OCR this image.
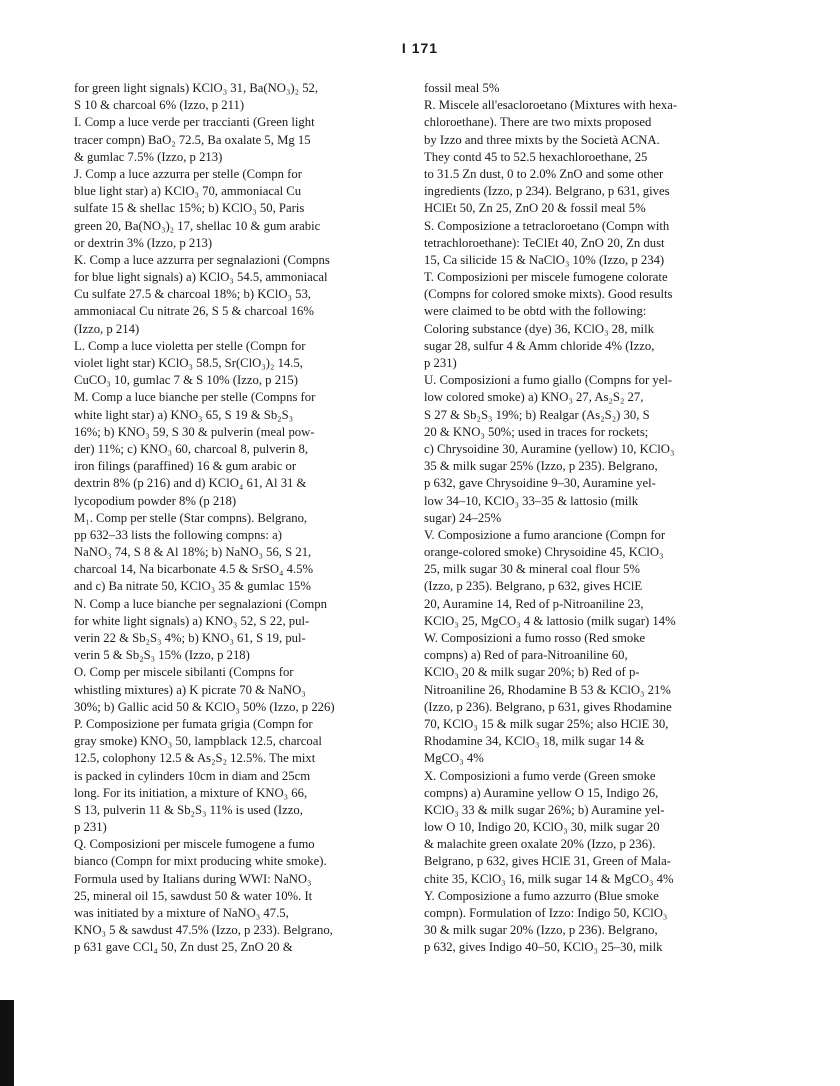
I 171
for green light signals) KClO₃ 31, Ba(NO₃)₂ 52,
S 10 & charcoal 6% (Izzo, p 211)
I. Comp a luce verde per traccianti (Green light
tracer compn) BaO₂ 72.5, Ba oxalate 5, Mg 15
& gumlac 7.5% (Izzo, p 213)
J. Comp a luce azzurra per stelle (Compn for
blue light star) a) KClO₃ 70, ammoniacal Cu
sulfate 15 & shellac 15%; b) KClO₃ 50, Paris
green 20, Ba(NO₃)₂ 17, shellac 10 & gum arabic
or dextrin 3% (Izzo, p 213)
K. Comp a luce azzurra per segnalazioni (Compns
for blue light signals) a) KClO₃ 54.5, ammoniacal
Cu sulfate 27.5 & charcoal 18%; b) KClO₃ 53,
ammoniacal Cu nitrate 26, S 5 & charcoal 16%
(Izzo, p 214)
L. Comp a luce violetta per stelle (Compn for
violet light star) KClO₃ 58.5, Sr(ClO₃)₂ 14.5,
CuCO₃ 10, gumlac 7 & S 10% (Izzo, p 215)
M. Comp a luce bianche per stelle (Compns for
white light star) a) KNO₃ 65, S 19 & Sb₂S₃
16%; b) KNO₃ 59, S 30 & pulverin (meal pow-
der) 11%; c) KNO₃ 60, charcoal 8, pulverin 8,
iron filings (paraffined) 16 & gum arabic or
dextrin 8% (p 216) and d) KClO₄ 61, Al 31 &
lycopodium powder 8% (p 218)
M₁. Comp per stelle (Star compns). Belgrano,
pp 632–33 lists the following compns: a)
NaNO₃ 74, S 8 & Al 18%; b) NaNO₃ 56, S 21,
charcoal 14, Na bicarbonate 4.5 & SrSO₄ 4.5%
and c) Ba nitrate 50, KClO₃ 35 & gumlac 15%
N. Comp a luce bianche per segnalazioni (Compn
for white light signals) a) KNO₃ 52, S 22, pul-
verin 22 & Sb₂S₃ 4%; b) KNO₃ 61, S 19, pul-
verin 5 & Sb₂S₃ 15% (Izzo, p 218)
O. Comp per miscele sibilanti (Compns for
whistling mixtures) a) K picrate 70 & NaNO₃
30%; b) Gallic acid 50 & KClO₃ 50% (Izzo, p 226)
P. Composizione per fumata grigia (Compn for
gray smoke) KNO₃ 50, lampblack 12.5, charcoal
12.5, colophony 12.5 & As₂S₂ 12.5%. The mixt
is packed in cylinders 10cm in diam and 25cm
long. For its initiation, a mixture of KNO₃ 66,
S 13, pulverin 11 & Sb₂S₃ 11% is used (Izzo,
p 231)
Q. Composizioni per miscele fumogene a fumo
bianco (Compn for mixt producing white smoke).
Formula used by Italians during WWI: NaNO₃
25, mineral oil 15, sawdust 50 & water 10%. It
was initiated by a mixture of NaNO₃ 47.5,
KNO₃ 5 & sawdust 47.5% (Izzo, p 233). Belgrano,
p 631 gave CCl₄ 50, Zn dust 25, ZnO 20 &
fossil meal 5%
R. Miscele all'esacloroetano (Mixtures with hexa-
chloroethane). There are two mixts proposed
by Izzo and three mixts by the Società ACNA.
They contd 45 to 52.5 hexachloroethane, 25
to 31.5 Zn dust, 0 to 2.0% ZnO and some other
ingredients (Izzo, p 234). Belgrano, p 631, gives
HClEt 50, Zn 25, ZnO 20 & fossil meal 5%
S. Composizione a tetracloroetano (Compn with
tetrachloroethane): TeClEt 40, ZnO 20, Zn dust
15, Ca silicide 15 & NaClO₃ 10% (Izzo, p 234)
T. Composizioni per miscele fumogene colorate
(Compns for colored smoke mixts). Good results
were claimed to be obtd with the following:
Coloring substance (dye) 36, KClO₃ 28, milk
sugar 28, sulfur 4 & Amm chloride 4% (Izzo,
p 231)
U. Composizioni a fumo giallo (Compns for yel-
low colored smoke) a) KNO₃ 27, As₂S₂ 27,
S 27 & Sb₂S₃ 19%; b) Realgar (As₂S₂) 30, S
20 & KNO₃ 50%; used in traces for rockets;
c) Chrysoidine 30, Auramine (yellow) 10, KClO₃
35 & milk sugar 25% (Izzo, p 235). Belgrano,
p 632, gave Chrysoidine 9–30, Auramine yel-
low 34–10, KClO₃ 33–35 & lattosio (milk
sugar) 24–25%
V. Composizione a fumo arancione (Compn for
orange-colored smoke) Chrysoidine 45, KClO₃
25, milk sugar 30 & mineral coal flour 5%
(Izzo, p 235). Belgrano, p 632, gives HClE
20, Auramine 14, Red of p-Nitroaniline 23,
KClO₃ 25, MgCO₃ 4 & lattosio (milk sugar) 14%
W. Composizioni a fumo rosso (Red smoke
compns) a) Red of para-Nitroaniline 60,
KClO₃ 20 & milk sugar 20%; b) Red of p-
Nitroaniline 26, Rhodamine B 53 & KClO₃ 21%
(Izzo, p 236). Belgrano, p 631, gives Rhodamine
70, KClO₃ 15 & milk sugar 25%; also HClE 30,
Rhodamine 34, KClO₃ 18, milk sugar 14 &
MgCO₃ 4%
X. Composizioni a fumo verde (Green smoke
compns) a) Auramine yellow O 15, Indigo 26,
KClO₃ 33 & milk sugar 26%; b) Auramine yel-
low O 10, Indigo 20, KClO₃ 30, milk sugar 20
& malachite green oxalate 20% (Izzo, p 236).
Belgrano, p 632, gives HClE 31, Green of Mala-
chite 35, KClO₃ 16, milk sugar 14 & MgCO₃ 4%
Y. Composizione a fumo azzurro (Blue smoke
compn). Formulation of Izzo: Indigo 50, KClO₃
30 & milk sugar 20% (Izzo, p 236). Belgrano,
p 632, gives Indigo 40–50, KClO₃ 25–30, milk
